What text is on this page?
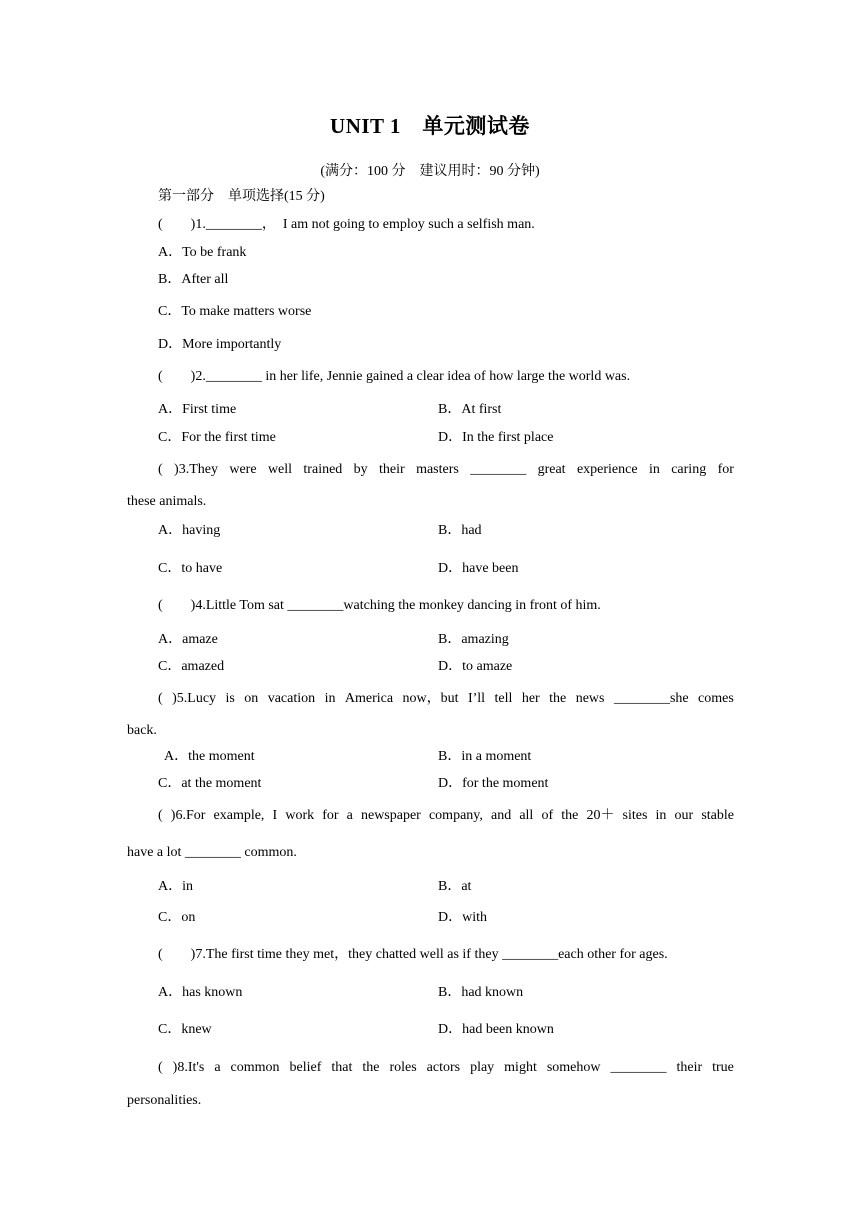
UNIT 1　单元测试卷
(满分：100 分　建议用时：90 分钟)
第一部分　单项选择(15 分)
(　　)1.________，　I am not going to employ such a selfish man.
A．To be frank
B．After all
C．To make matters worse
D．More importantly
(　　)2.________ in her life, Jennie gained a clear idea of how large the world was.
A．First time	B．At first
C．For the first time	D．In the first place
( )3.They were well trained by their masters ________ great experience in caring for
these animals.
A．having	B．had
C．to have	D．have been
(　　)4.Little Tom sat ________watching the monkey dancing in front of him.
A．amaze	B．amazing
C．amazed	D．to amaze
( )5.Lucy is on vacation in America now，but I’ll tell her the news ________she comes
back.
A．the moment	B．in a moment
C．at the moment	D．for the moment
( )6.For example, I work for a newspaper company, and all of the 20＋ sites in our stable
have a lot ________ common.
A．in	B．at
C．on	D．with
(　　)7.The first time they met，they chatted well as if they ________each other for ages.
A．has known	B．had known
C．knew	D．had been known
( )8.It's a common belief that the roles actors play might somehow ________ their true
personalities.
